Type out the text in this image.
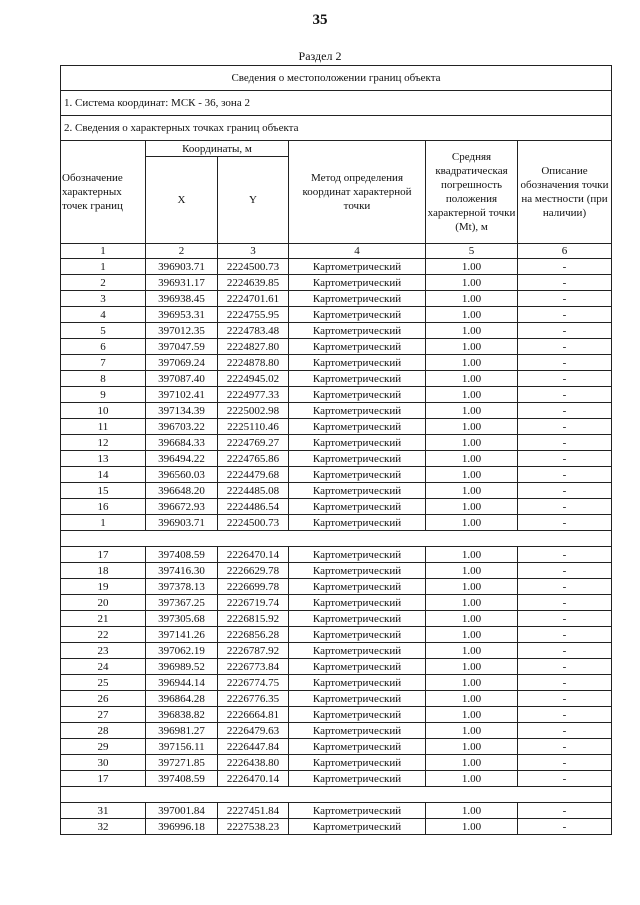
35
Раздел 2
Сведения о местоположении границ объекта					
1. Система координат: МСК - 36, зона 2					
2. Сведения о характерных точках границ объекта					
Обозначение характерных точек границ	Координаты, м		Метод определения координат характерной точки	Средняя квадратическая погрешность положения характерной точки (Mt), м	Описание обозначения точки на местности (при наличии)
	X	Y			
1	2	3	4	5	6
1	396903.71	2224500.73	Картометрический	1.00	-
2	396931.17	2224639.85	Картометрический	1.00	-
3	396938.45	2224701.61	Картометрический	1.00	-
4	396953.31	2224755.95	Картометрический	1.00	-
5	397012.35	2224783.48	Картометрический	1.00	-
6	397047.59	2224827.80	Картометрический	1.00	-
7	397069.24	2224878.80	Картометрический	1.00	-
8	397087.40	2224945.02	Картометрический	1.00	-
9	397102.41	2224977.33	Картометрический	1.00	-
10	397134.39	2225002.98	Картометрический	1.00	-
11	396703.22	2225110.46	Картометрический	1.00	-
12	396684.33	2224769.27	Картометрический	1.00	-
13	396494.22	2224765.86	Картометрический	1.00	-
14	396560.03	2224479.68	Картометрический	1.00	-
15	396648.20	2224485.08	Картометрический	1.00	-
16	396672.93	2224486.54	Картометрический	1.00	-
1	396903.71	2224500.73	Картометрический	1.00	-

17	397408.59	2226470.14	Картометрический	1.00	-
18	397416.30	2226629.78	Картометрический	1.00	-
19	397378.13	2226699.78	Картометрический	1.00	-
20	397367.25	2226719.74	Картометрический	1.00	-
21	397305.68	2226815.92	Картометрический	1.00	-
22	397141.26	2226856.28	Картометрический	1.00	-
23	397062.19	2226787.92	Картометрический	1.00	-
24	396989.52	2226773.84	Картометрический	1.00	-
25	396944.14	2226774.75	Картометрический	1.00	-
26	396864.28	2226776.35	Картометрический	1.00	-
27	396838.82	2226664.81	Картометрический	1.00	-
28	396981.27	2226479.63	Картометрический	1.00	-
29	397156.11	2226447.84	Картометрический	1.00	-
30	397271.85	2226438.80	Картометрический	1.00	-
17	397408.59	2226470.14	Картометрический	1.00	-

31	397001.84	2227451.84	Картометрический	1.00	-
32	396996.18	2227538.23	Картометрический	1.00	-
